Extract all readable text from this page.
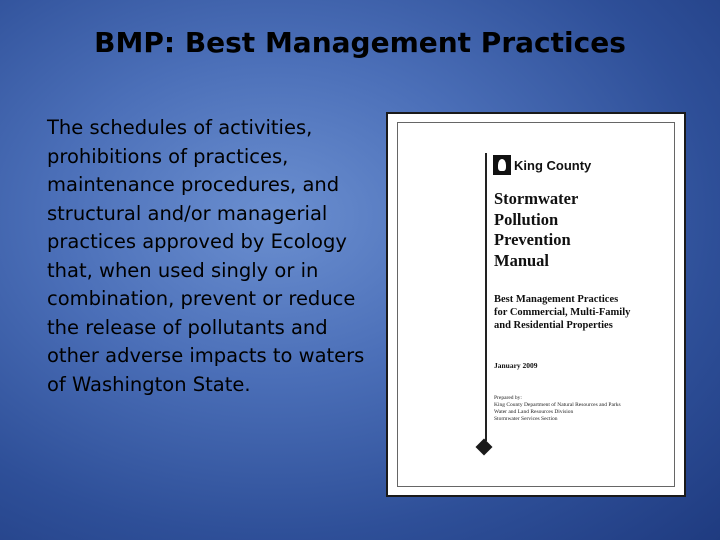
BMP: Best Management Practices
The schedules of activities, prohibitions of practices, maintenance procedures, and structural and/or managerial practices approved by Ecology that, when used singly or in combination, prevent or reduce the release of pollutants and other adverse impacts to waters of Washington State.
King County
Stormwater
Pollution
Prevention
Manual
Best Management Practices
for Commercial, Multi-Family
and Residential Properties
January 2009
Prepared by:
King County Department of Natural Resources and Parks
Water and Land Resources Division
Stormwater Services Section
